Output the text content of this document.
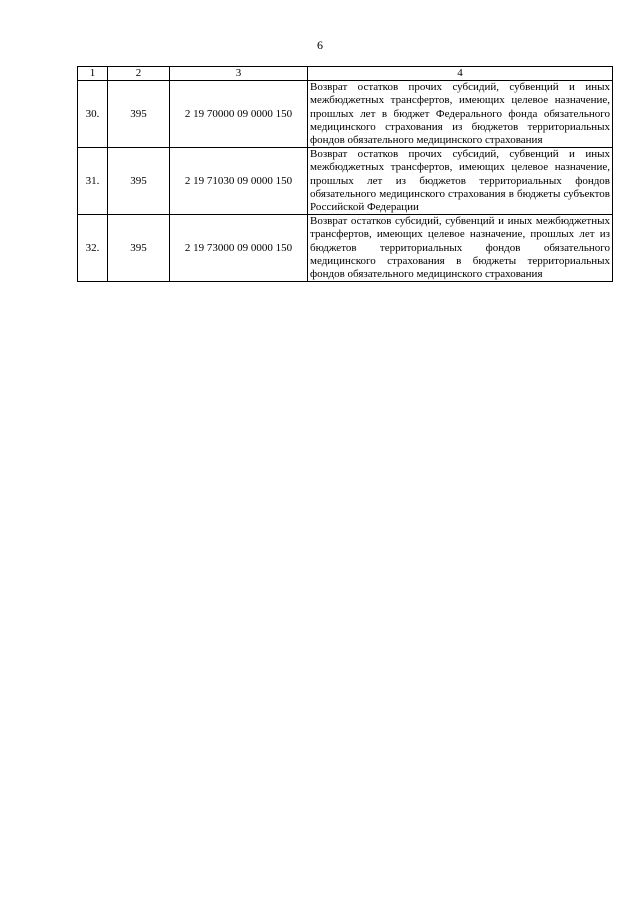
6
1	2	3	4
30.	395	2 19 70000 09 0000 150	Возврат остатков прочих субсидий, субвенций и иных межбюджетных трансфертов, имеющих целевое назначение, прошлых лет в бюджет Федерального фонда обязательного медицинского страхования из бюджетов территориальных фондов обязательного медицинского страхования
31.	395	2 19 71030 09 0000 150	Возврат остатков прочих субсидий, субвенций и иных межбюджетных трансфертов, имеющих целевое назначение, прошлых лет из бюджетов территориальных фондов обязательного медицинского страхования в бюджеты субъектов Российской Федерации
32.	395	2 19 73000 09 0000 150	Возврат остатков субсидий, субвенций и иных межбюджетных трансфертов, имеющих целевое назначение, прошлых лет из бюджетов территориальных фондов обязательного медицинского страхования в бюджеты территориальных фондов обязательного медицинского страхования
